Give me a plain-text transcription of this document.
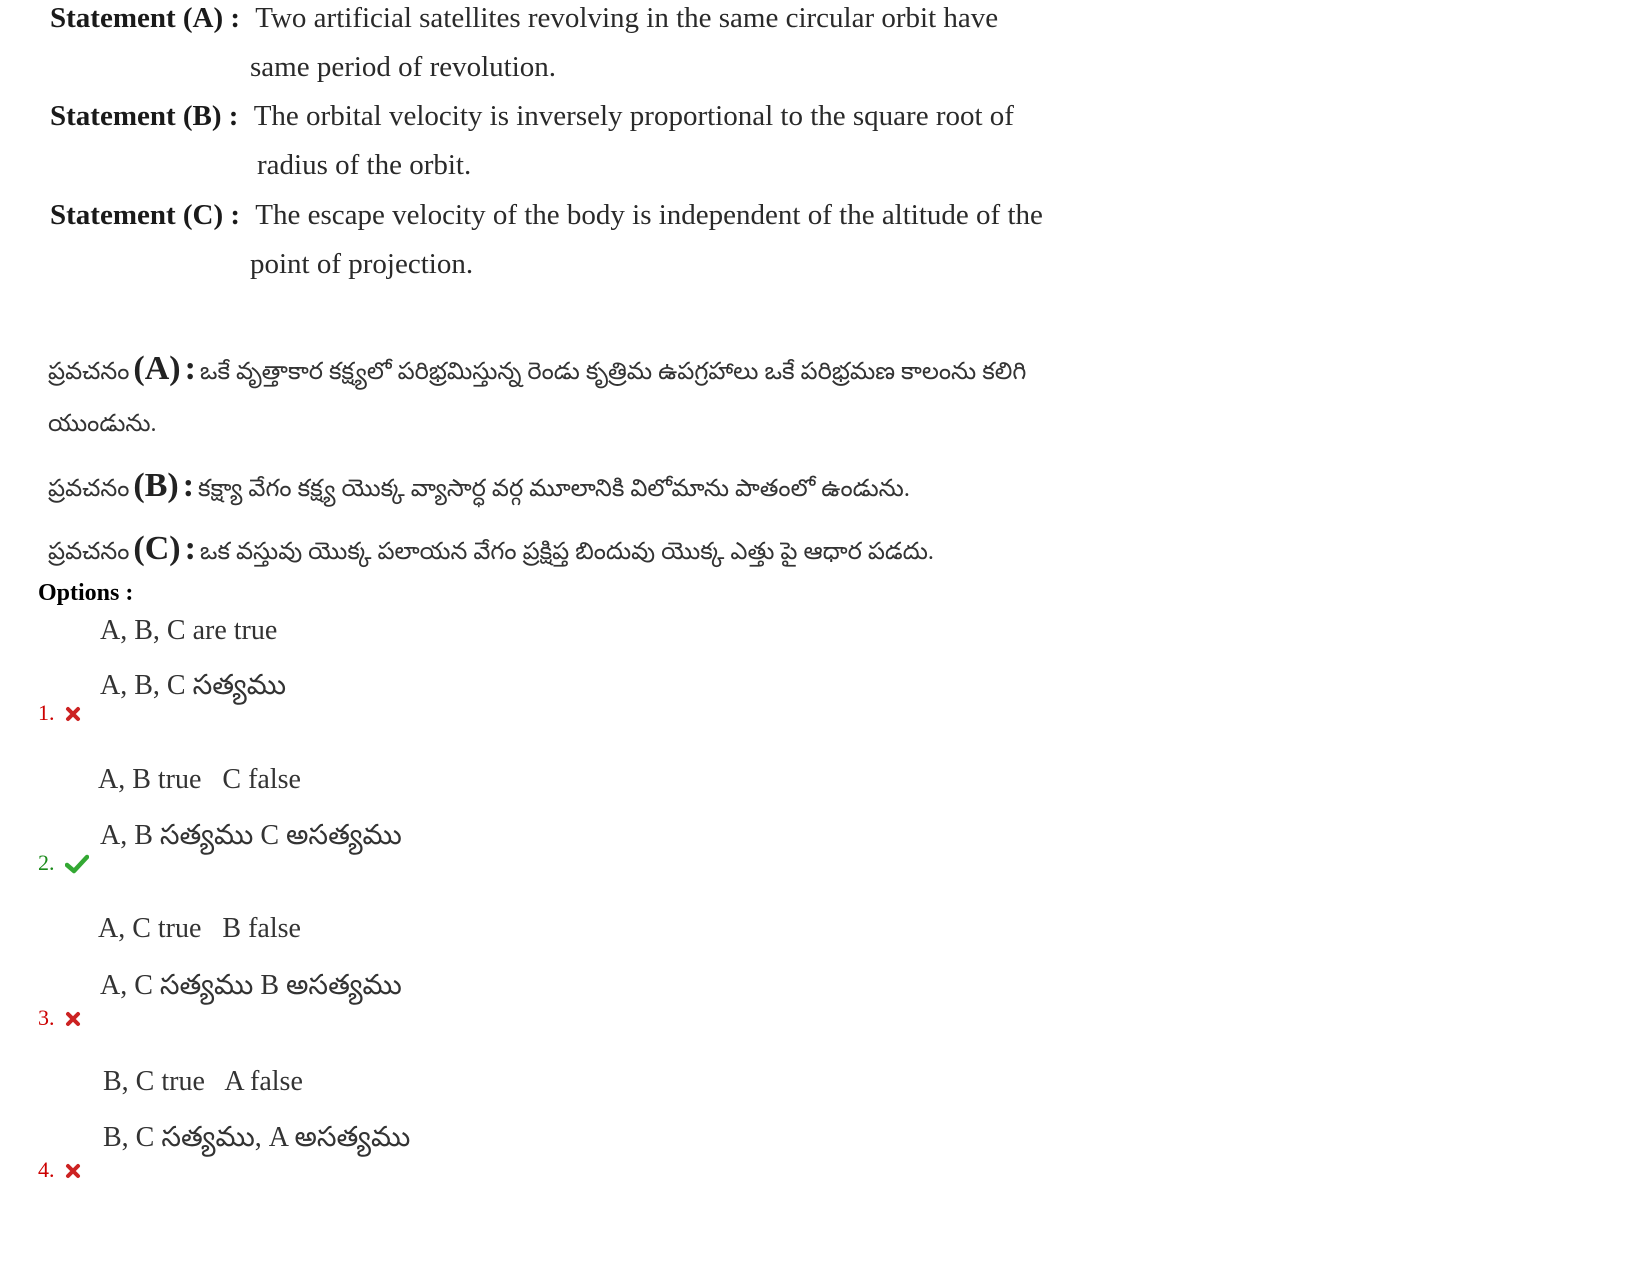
Statement (A) : Two artificial satellites revolving in the same circular orbit have
same period of revolution.
Statement (B) : The orbital velocity is inversely proportional to the square root of
radius of the orbit.
Statement (C) : The escape velocity of the body is independent of the altitude of the
point of projection.
ప్రవచనం (A) : ఒకే వృత్తాకార కక్ష్యలో పరిభ్రమిస్తున్న రెండు కృత్రిమ ఉపగ్రహాలు ఒకే పరిభ్రమణ కాలంను కలిగి
యుండును.
ప్రవచనం (B) : కక్ష్యా వేగం కక్ష్య యొక్క వ్యాసార్ధ వర్గ మూలానికి విలోమాను పాతంలో ఉండును.
ప్రవచనం (C) : ఒక వస్తువు యొక్క పలాయన వేగం ప్రక్షిప్త బిందువు యొక్క ఎత్తు పై ఆధార పడదు.
Options :
A, B, C are true
A, B, C సత్యము
1.
A, B true   C false
A, B సత్యము C అసత్యము
2.
A, C true   B false
A, C సత్యము B అసత్యము
3.
B, C true   A false
B, C సత్యము, A అసత్యము
4.
